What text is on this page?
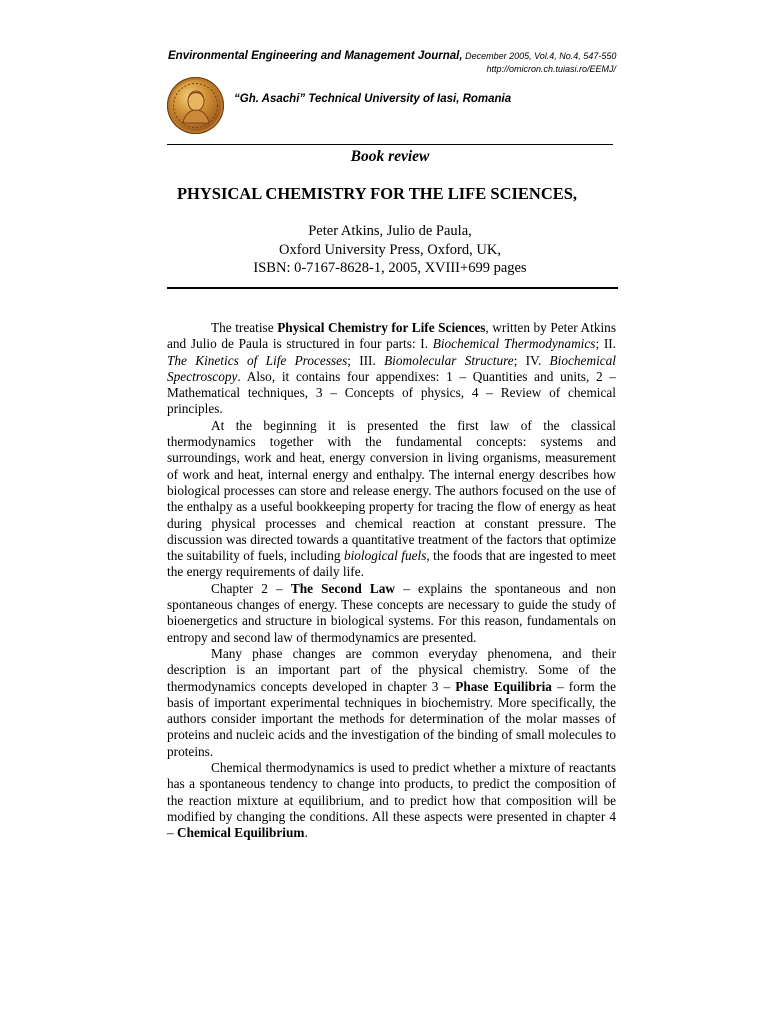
Environmental Engineering and Management Journal, December 2005, Vol.4, No.4, 547-550
http://omicron.ch.tuiasi.ro/EEMJ/
“Gh. Asachi” Technical University of Iasi, Romania
Book review
PHYSICAL CHEMISTRY FOR THE LIFE SCIENCES,
Peter Atkins, Julio de Paula,
Oxford University Press, Oxford, UK,
ISBN: 0-7167-8628-1, 2005, XVIII+699 pages

The treatise Physical Chemistry for Life Sciences, written by Peter Atkins and Julio de Paula is structured in four parts: I. Biochemical Thermodynamics; II. The Kinetics of Life Processes; III. Biomolecular Structure; IV. Biochemical Spectroscopy. Also, it contains four appendixes: 1 – Quantities and units, 2 – Mathematical techniques, 3 – Concepts of physics, 4 – Review of chemical principles.

At the beginning it is presented the first law of the classical thermodynamics together with the fundamental concepts: systems and surroundings, work and heat, energy conversion in living organisms, measurement of work and heat, internal energy and enthalpy. The internal energy describes how biological processes can store and release energy. The authors focused on the use of the enthalpy as a useful bookkeeping property for tracing the flow of energy as heat during physical processes and chemical reaction at constant pressure. The discussion was directed towards a quantitative treatment of the factors that optimize the suitability of fuels, including biological fuels, the foods that are ingested to meet the energy requirements of daily life.

Chapter 2 – The Second Law – explains the spontaneous and non spontaneous changes of energy. These concepts are necessary to guide the study of bioenergetics and structure in biological systems. For this reason, fundamentals on entropy and second law of thermodynamics are presented.

Many phase changes are common everyday phenomena, and their description is an important part of the physical chemistry. Some of the thermodynamics concepts developed in chapter 3 – Phase Equilibria – form the basis of important experimental techniques in biochemistry. More specifically, the authors consider important the methods for determination of the molar masses of proteins and nucleic acids and the investigation of the binding of small molecules to proteins.

Chemical thermodynamics is used to predict whether a mixture of reactants has a spontaneous tendency to change into products, to predict the composition of the reaction mixture at equilibrium, and to predict how that composition will be modified by changing the conditions. All these aspects were presented in chapter 4 – Chemical Equilibrium.
